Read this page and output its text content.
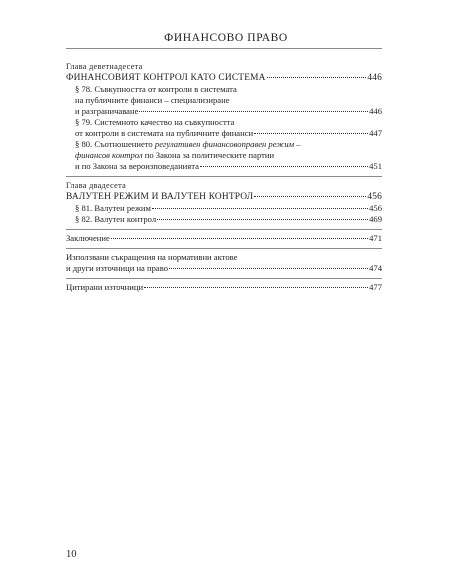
ФИНАНСОВО ПРАВО
Глава деветнадесета
ФИНАНСОВИЯТ КОНТРОЛ КАТО СИСТЕМА	446
§ 78. Съвкупността от контроли в системата
на публичните финанси – специализиране
и разграничаване	446
§ 79. Системното качество на съвкупността
от контроли в системата на публичните финанси	447
§ 80. Съотношението регулативен финансовоправен режим –
финансов контрол по Закона за политическите партии
и по Закона за вероизповеданията	451
Глава двадесета
ВАЛУТЕН РЕЖИМ И ВАЛУТЕН КОНТРОЛ	456
§ 81. Валутен режим	456
§ 82. Валутен контрол	469
Заключение	471
Използвани съкращения на нормативни актове
и други източници на право	474
Цитирани източници	477
10
